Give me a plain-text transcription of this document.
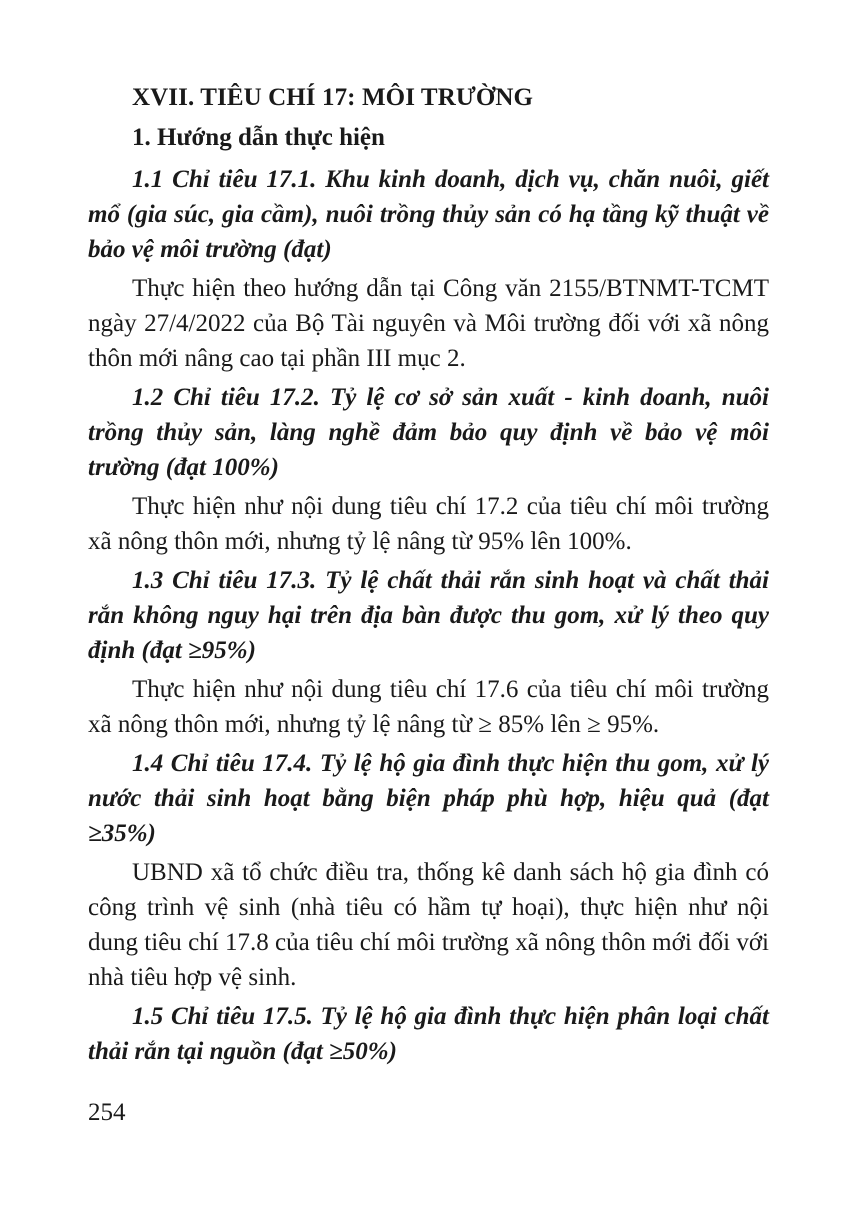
XVII. TIÊU CHÍ 17: MÔI TRƯỜNG
1. Hướng dẫn thực hiện

1.1 Chỉ tiêu 17.1. Khu kinh doanh, dịch vụ, chăn nuôi, giết mổ (gia súc, gia cầm), nuôi trồng thủy sản có hạ tầng kỹ thuật về bảo vệ môi trường (đạt)

Thực hiện theo hướng dẫn tại Công văn 2155/BTNMT-TCMT ngày 27/4/2022 của Bộ Tài nguyên và Môi trường đối với xã nông thôn mới nâng cao tại phần III mục 2.

1.2 Chỉ tiêu 17.2. Tỷ lệ cơ sở sản xuất - kinh doanh, nuôi trồng thủy sản, làng nghề đảm bảo quy định về bảo vệ môi trường (đạt 100%)

Thực hiện như nội dung tiêu chí 17.2 của tiêu chí môi trường xã nông thôn mới, nhưng tỷ lệ nâng từ 95% lên 100%.

1.3 Chỉ tiêu 17.3. Tỷ lệ chất thải rắn sinh hoạt và chất thải rắn không nguy hại trên địa bàn được thu gom, xử lý theo quy định (đạt ≥95%)

Thực hiện như nội dung tiêu chí 17.6 của tiêu chí môi trường xã nông thôn mới, nhưng tỷ lệ nâng từ ≥ 85% lên ≥ 95%.

1.4 Chỉ tiêu 17.4. Tỷ lệ hộ gia đình thực hiện thu gom, xử lý nước thải sinh hoạt bằng biện pháp phù hợp, hiệu quả (đạt ≥35%)

UBND xã tổ chức điều tra, thống kê danh sách hộ gia đình có công trình vệ sinh (nhà tiêu có hầm tự hoại), thực hiện như nội dung tiêu chí 17.8 của tiêu chí môi trường xã nông thôn mới đối với nhà tiêu hợp vệ sinh.

1.5 Chỉ tiêu 17.5. Tỷ lệ hộ gia đình thực hiện phân loại chất thải rắn tại nguồn (đạt ≥50%)

254
